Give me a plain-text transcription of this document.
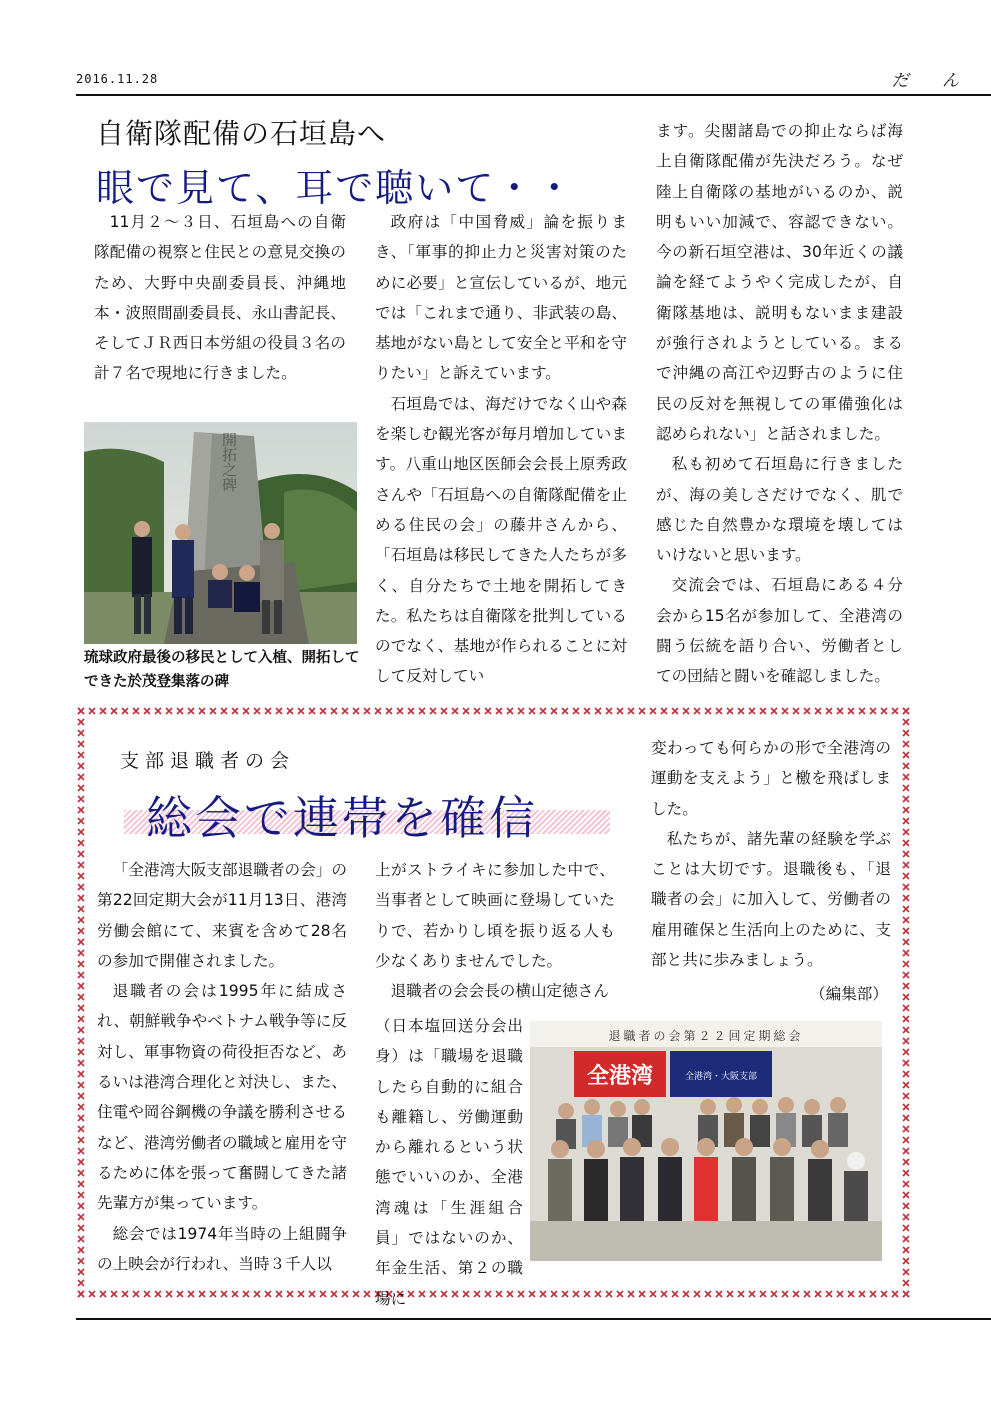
2016.11.28	だ ん
自衛隊配備の石垣島へ
眼で見て、耳で聴いて・・

11月２～３日、石垣島への自衛隊配備の視察と住民との意見交換のため、大野中央副委員長、沖縄地本・波照間副委員長、永山書記長、そしてＪＲ西日本労組の役員３名の計７名で現地に行きました。

開拓之碑
琉球政府最後の移民として入植、開拓してできた於茂登集落の碑

政府は「中国脅威」論を振りまき、「軍事的抑止力と災害対策のために必要」と宣伝しているが、地元では「これまで通り、非武装の島、基地がない島として安全と平和を守りたい」と訴えています。

石垣島では、海だけでなく山や森を楽しむ観光客が毎月増加しています。八重山地区医師会会長上原秀政さんや「石垣島への自衛隊配備を止める住民の会」の藤井さんから、「石垣島は移民してきた人たちが多く、自分たちで土地を開拓してきた。私たちは自衛隊を批判しているのでなく、基地が作られることに対して反対してい

ます。尖閣諸島での抑止ならば海上自衛隊配備が先決だろう。なぜ陸上自衛隊の基地がいるのか、説明もいい加減で、容認できない。今の新石垣空港は、30年近くの議論を経てようやく完成したが、自衛隊基地は、説明もないまま建設が強行されようとしている。まるで沖縄の高江や辺野古のように住民の反対を無視しての軍備強化は認められない」と話されました。

私も初めて石垣島に行きましたが、海の美しさだけでなく、肌で感じた自然豊かな環境を壊してはいけないと思います。

交流会では、石垣島にある４分会から15名が参加して、全港湾の闘う伝統を語り合い、労働者としての団結と闘いを確認しました。

支部退職者の会
総会で連帯を確信

「全港湾大阪支部退職者の会」の第22回定期大会が11月13日、港湾労働会館にて、来賓を含めて28名の参加で開催されました。

退職者の会は1995年に結成され、朝鮮戦争やベトナム戦争等に反対し、軍事物資の荷役拒否など、あるいは港湾合理化と対決し、また、住電や岡谷鋼機の争議を勝利させるなど、港湾労働者の職域と雇用を守るために体を張って奮闘してきた諸先輩方が集っています。

総会では1974年当時の上組闘争の上映会が行われ、当時３千人以

上がストライキに参加した中で、当事者として映画に登場していたりで、若かりし頃を振り返る人も少なくありませんでした。

退職者の会会長の横山定徳さん

（日本塩回送分会出身）は「職場を退職したら自動的に組合も離籍し、労働運動から離れるという状態でいいのか、全港湾魂は「生涯組合員」ではないのか、年金生活、第２の職場に

変わっても何らかの形で全港湾の運動を支えよう」と檄を飛ばしました。

私たちが、諸先輩の経験を学ぶことは大切です。退職後も、「退職者の会」に加入して、労働者の雇用確保と生活向上のために、支部と共に歩みましょう。

（編集部）
退職者の会第２２回定期総会
全港湾	全港湾・大阪支部
